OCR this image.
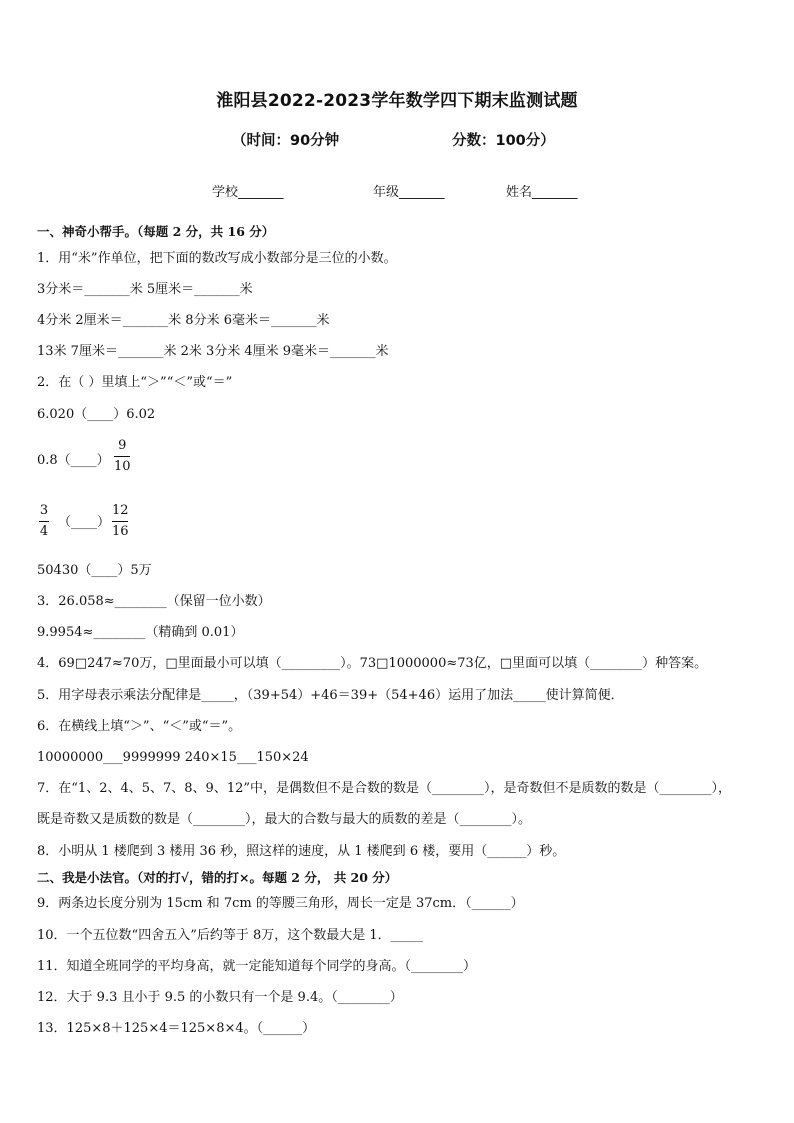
淮阳县2022-2023学年数学四下期末监测试题
（时间：90分钟	分数：100分）
学校_______	年级_______	姓名_______
一、神奇小帮手。（每题 2 分，共 16 分）
1．用“米”作单位，把下面的数改写成小数部分是三位的小数。
3分米＝_______米 5厘米＝_______米
4分米 2厘米＝_______米 8分米 6毫米＝_______米
13米 7厘米＝_______米 2米 3分米 4厘米 9毫米＝_______米
2．在（ ）里填上“＞”“＜”或“＝”
6.020（____）6.02
0.8（____）
9
10
3
4
（____）
12
16
50430（____）5万
3．26.058≈________（保留一位小数）
9.9954≈________（精确到 0.01）
4．69□247≈70万，□里面最小可以填（_________）。73□1000000≈73亿，□里面可以填（________）种答案。
5．用字母表示乘法分配律是_____，（39+54）+46＝39+（54+46）运用了加法_____使计算简便．
6．在横线上填“＞”、“＜”或“＝”。
10000000___9999999 240×15___150×24
7．在“1、2、4、5、7、8、9、12”中，是偶数但不是合数的数是（________），是奇数但不是质数的数是（________），
既是奇数又是质数的数是（________），最大的合数与最大的质数的差是（________）。
8．小明从 1 楼爬到 3 楼用 36 秒，照这样的速度，从 1 楼爬到 6 楼，要用（______）秒。
二、我是小法官。（对的打√，错的打×。每题 2 分， 共 20 分）
9．两条边长度分别为 15cm 和 7cm 的等腰三角形，周长一定是 37cm．（______）
10．一个五位数“四舍五入”后约等于 8万，这个数最大是 1．_____
11．知道全班同学的平均身高，就一定能知道每个同学的身高。（________）
12．大于 9.3 且小于 9.5 的小数只有一个是 9.4。（________）
13．125×8＋125×4＝125×8×4。（______）
